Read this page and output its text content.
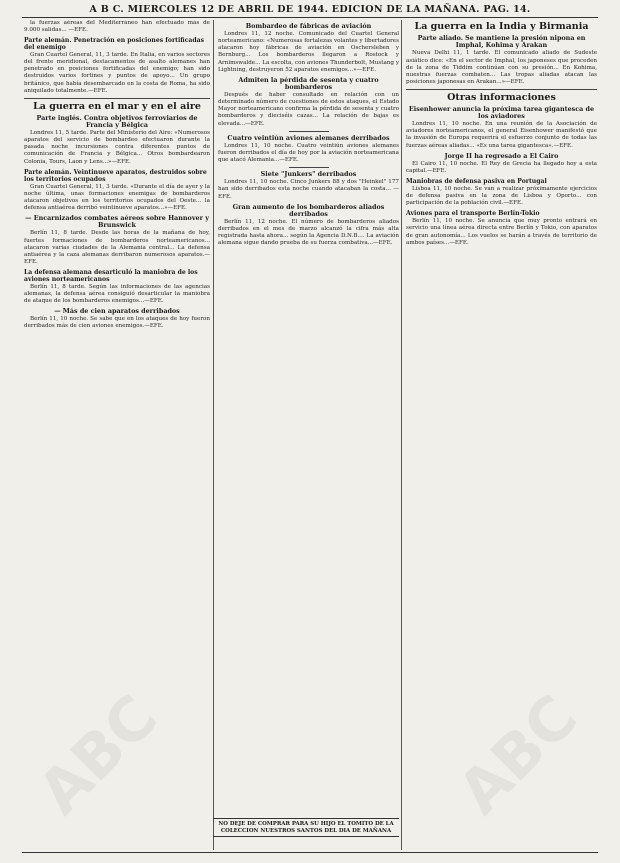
A B C. MIERCOLES 12 DE ABRIL DE 1944. EDICION DE LA MAÑANA. PAG. 14.

la fuerzas aéreas del Mediterráneo han efectuado más de 9.000 salidas... —EFE.

Parte alemán. Penetración en posiciones fortificadas del enemigo

Gran Cuartel General, 11, 3 tarde. En Italia, en varios sectores del frente meridional, destacamentos de asalto alemanes han penetrado en posiciones fortificadas del enemigo; han sido destruidos varios fortines y puntos de apoyo... Un grupo británico, que había desembarcado en la costa de Roma, ha sido aniquilado totalmente.—EFE.

La guerra en el mar y en el aire
Parte inglés. Contra objetivos ferroviarios de Francia y Bélgica

Londres 11, 5 tarde. Parte del Ministerio del Aire: «Numerosos aparatos del servicio de bombardeo efectuaron durante la pasada noche incursiones contra diferentes puntos de comunicación de Francia y Bélgica... Otros bombardearon Colonia, Tours, Laon y Lens...»—EFE.

Parte alemán. Veintinueve aparatos, destruidos sobre los territorios ocupados

Gran Cuartel General, 11, 3 tarde. «Durante el día de ayer y la noche última, unas formaciones enemigas de bombarderos atacaron objetivos en los territorios ocupados del Oeste... la defensa antiaérea derribó veintinueve aparatos...»—EFE.

— Encarnizados combates aéreos sobre Hannover y Brunswick

Berlín 11, 8 tarde. Desde las horas de la mañana de hoy, fuertes formaciones de bombarderos norteamericanos... atacaron varias ciudades de la Alemania central... La defensa antiaérea y la caza alemanas derribaron numerosos aparatos.—EFE.

La defensa alemana desarticuló la maniobra de los aviones norteamericanos

Berlín 11, 8 tarde. Según las informaciones de las agencias alemanas, la defensa aérea consiguió desarticular la maniobra de ataque de los bombarderos enemigos...—EFE.

— Más de cien aparatos derribados

Berlín 11, 10 noche. Se sabe que en los ataques de hoy fueron derribados más de cien aviones enemigos.—EFE.

Bombardeo de fábricas de aviación

Londres 11, 12 noche. Comunicado del Cuartel General norteamericano: «Numerosas fortalezas volantes y libertadores atacaron hoy fábricas de aviación en Oschersleben y Bernburg... Los bombarderos llegaron a Rostock y Arnimswalde... La escolta, con aviones Thunderbolt, Mustang y Lightning, destruyeron 52 aparatos enemigos...»—EFE.

Admiten la pérdida de sesenta y cuatro bombarderos

Después de haber consultado en relación con un determinado número de cuestiones de estos ataques, el Estado Mayor norteamericano confirma la pérdida de sesenta y cuatro bombarderos y dieciséis cazas... La relación de bajas es elevada...—EFE.

Cuatro veintiún aviones alemanes derribados

Londres 11, 10 noche. Cuatro veintiún aviones alemanes fueron derribados el día de hoy por la aviación norteamericana que atacó Alemania...—EFE.

Siete "Junkers" derribados

Londres 11, 10 noche. Cinco Junkers 88 y dos "Heinkel" 177 han sido derribados esta noche cuando atacaban la costa... —EFE.

Gran aumento de los bombarderos aliados derribados

Berlín 11, 12 noche. El número de bombarderos aliados derribados en el mes de marzo alcanzó la cifra más alta registrada hasta ahora... según la Agencia D.N.B.... La aviación alemana sigue dando prueba de su fuerza combativa...—EFE.

NO DEJE DE COMPRAR PARA SU HIJO EL TOMITO DE LA COLECCION NUESTROS SANTOS DEL DIA DE MAÑANA
La guerra en la India y Birmania
Parte aliado. Se mantiene la presión nipona en Imphal, Kohima y Arakan

Nueva Delhi 11, 1 tarde. El comunicado aliado de Sudeste asiático dice: «En el sector de Imphal, los japoneses que proceden de la zona de Tiddim continúan con su presión... En Kohima, nuestras fuerzas combaten... Las tropas aliadas atacan las posiciones japonesas en Arakan...»—EFE.

Otras informaciones
Eisenhower anuncia la próxima tarea gigantesca de los aviadores

Londres 11, 10 noche. En una reunión de la Asociación de aviadores norteamericanos, el general Eisenhower manifestó que la invasión de Europa requerirá el esfuerzo conjunto de todas las fuerzas aéreas aliadas... «Es una tarea gigantesca».—EFE.

Jorge II ha regresado a El Cairo

El Cairo 11, 10 noche. El Rey de Grecia ha llegado hoy a esta capital.—EFE.

Maniobras de defensa pasiva en Portugal

Lisboa 11, 10 noche. Se van a realizar próximamente ejercicios de defensa pasiva en la zona de Lisboa y Oporto... con participación de la población civil.—EFE.

Aviones para el transporte Berlín-Tokio

Berlín 11, 10 noche. Se anuncia que muy pronto entrará en servicio una línea aérea directa entre Berlín y Tokio, con aparatos de gran autonomía... Los vuelos se harán a través de territorio de ambos países...—EFE.

ABC	ABC
